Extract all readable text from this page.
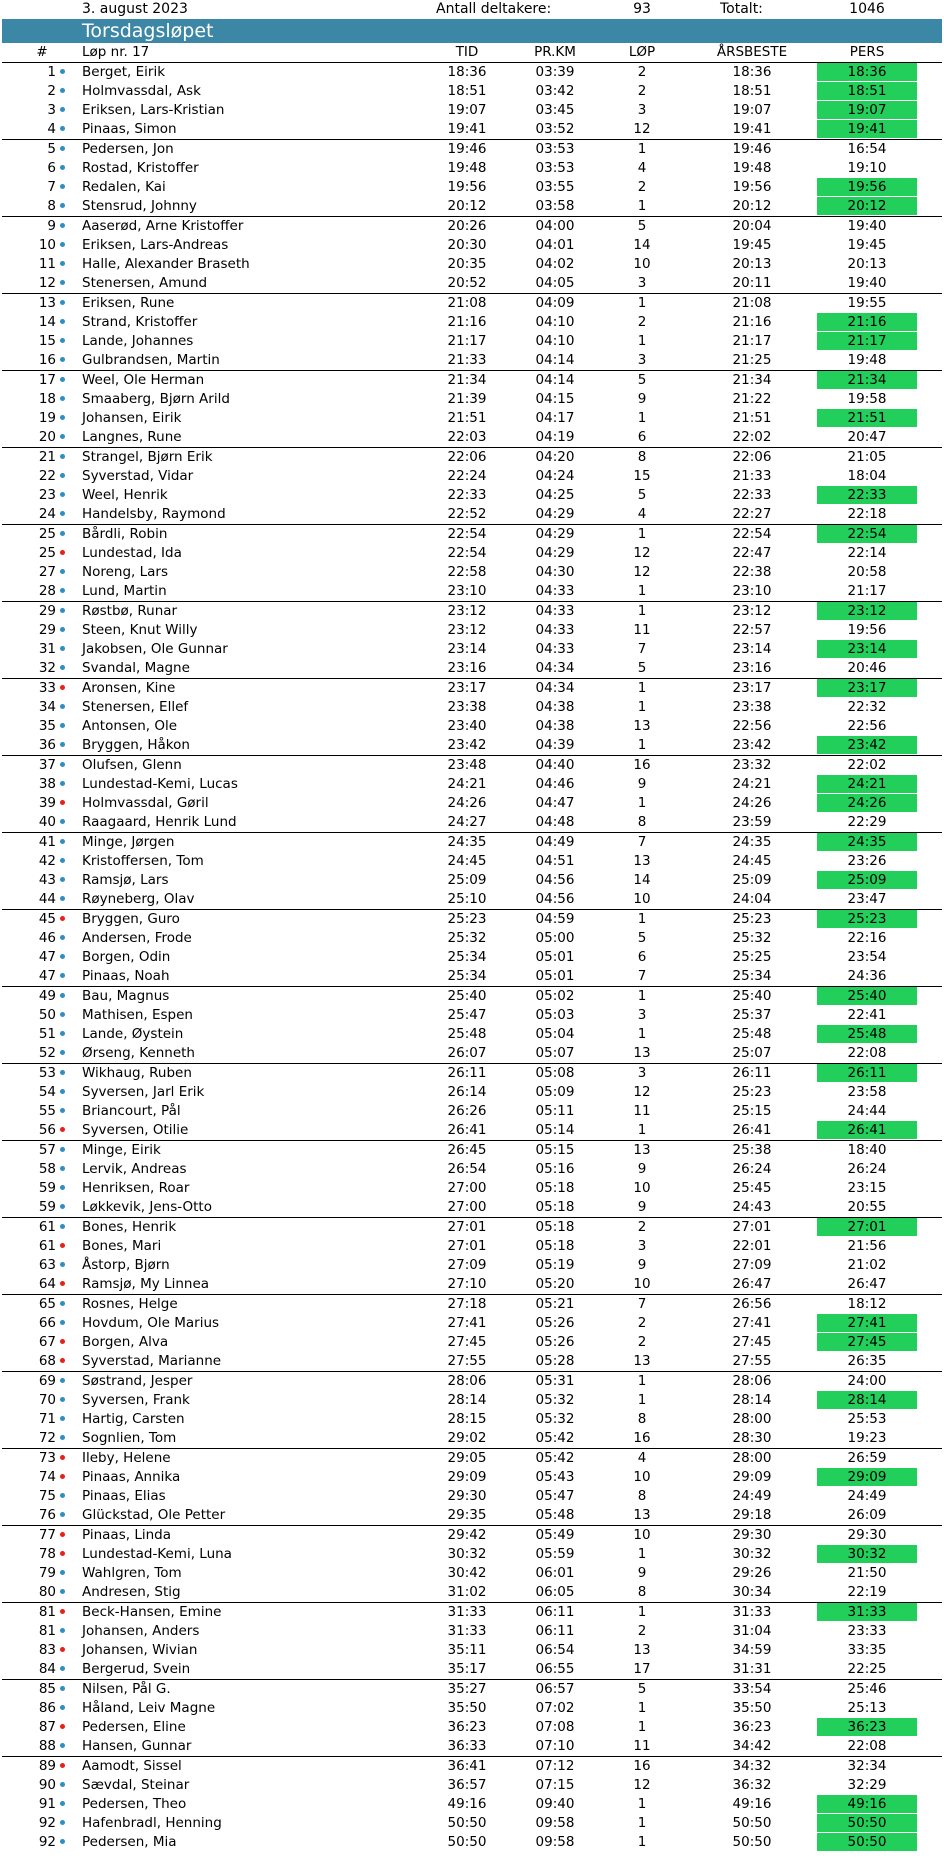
3. august 2023	Antall deltakere:	93	Totalt:	1046
Torsdagsløpet
#	Løp nr. 17	TID	PR.KM	LØP	ÅRSBESTE	PERS
1 Berget, Eirik	18:36	03:39	2	18:36	18:36
2 Holmvassdal, Ask	18:51	03:42	2	18:51	18:51
3 Eriksen, Lars-Kristian	19:07	03:45	3	19:07	19:07
4 Pinaas, Simon	19:41	03:52	12	19:41	19:41
5 Pedersen, Jon	19:46	03:53	1	19:46	16:54
6 Rostad, Kristoffer	19:48	03:53	4	19:48	19:10
7 Redalen, Kai	19:56	03:55	2	19:56	19:56
8 Stensrud, Johnny	20:12	03:58	1	20:12	20:12
9 Aaserød, Arne Kristoffer	20:26	04:00	5	20:04	19:40
10 Eriksen, Lars-Andreas	20:30	04:01	14	19:45	19:45
11 Halle, Alexander Braseth	20:35	04:02	10	20:13	20:13
12 Stenersen, Amund	20:52	04:05	3	20:11	19:40
13 Eriksen, Rune	21:08	04:09	1	21:08	19:55
14 Strand, Kristoffer	21:16	04:10	2	21:16	21:16
15 Lande, Johannes	21:17	04:10	1	21:17	21:17
16 Gulbrandsen, Martin	21:33	04:14	3	21:25	19:48
17 Weel, Ole Herman	21:34	04:14	5	21:34	21:34
18 Smaaberg, Bjørn Arild	21:39	04:15	9	21:22	19:58
19 Johansen, Eirik	21:51	04:17	1	21:51	21:51
20 Langnes, Rune	22:03	04:19	6	22:02	20:47
21 Strangel, Bjørn Erik	22:06	04:20	8	22:06	21:05
22 Syverstad, Vidar	22:24	04:24	15	21:33	18:04
23 Weel, Henrik	22:33	04:25	5	22:33	22:33
24 Handelsby, Raymond	22:52	04:29	4	22:27	22:18
25 Bårdli, Robin	22:54	04:29	1	22:54	22:54
25 Lundestad, Ida	22:54	04:29	12	22:47	22:14
27 Noreng, Lars	22:58	04:30	12	22:38	20:58
28 Lund, Martin	23:10	04:33	1	23:10	21:17
29 Røstbø, Runar	23:12	04:33	1	23:12	23:12
29 Steen, Knut Willy	23:12	04:33	11	22:57	19:56
31 Jakobsen, Ole Gunnar	23:14	04:33	7	23:14	23:14
32 Svandal, Magne	23:16	04:34	5	23:16	20:46
33 Aronsen, Kine	23:17	04:34	1	23:17	23:17
34 Stenersen, Ellef	23:38	04:38	1	23:38	22:32
35 Antonsen, Ole	23:40	04:38	13	22:56	22:56
36 Bryggen, Håkon	23:42	04:39	1	23:42	23:42
37 Olufsen, Glenn	23:48	04:40	16	23:32	22:02
38 Lundestad-Kemi, Lucas	24:21	04:46	9	24:21	24:21
39 Holmvassdal, Gøril	24:26	04:47	1	24:26	24:26
40 Raagaard, Henrik Lund	24:27	04:48	8	23:59	22:29
41 Minge, Jørgen	24:35	04:49	7	24:35	24:35
42 Kristoffersen, Tom	24:45	04:51	13	24:45	23:26
43 Ramsjø, Lars	25:09	04:56	14	25:09	25:09
44 Røyneberg, Olav	25:10	04:56	10	24:04	23:47
45 Bryggen, Guro	25:23	04:59	1	25:23	25:23
46 Andersen, Frode	25:32	05:00	5	25:32	22:16
47 Borgen, Odin	25:34	05:01	6	25:25	23:54
47 Pinaas, Noah	25:34	05:01	7	25:34	24:36
49 Bau, Magnus	25:40	05:02	1	25:40	25:40
50 Mathisen, Espen	25:47	05:03	3	25:37	22:41
51 Lande, Øystein	25:48	05:04	1	25:48	25:48
52 Ørseng, Kenneth	26:07	05:07	13	25:07	22:08
53 Wikhaug, Ruben	26:11	05:08	3	26:11	26:11
54 Syversen, Jarl Erik	26:14	05:09	12	25:23	23:58
55 Briancourt, Pål	26:26	05:11	11	25:15	24:44
56 Syversen, Otilie	26:41	05:14	1	26:41	26:41
57 Minge, Eirik	26:45	05:15	13	25:38	18:40
58 Lervik, Andreas	26:54	05:16	9	26:24	26:24
59 Henriksen, Roar	27:00	05:18	10	25:45	23:15
59 Løkkevik, Jens-Otto	27:00	05:18	9	24:43	20:55
61 Bones, Henrik	27:01	05:18	2	27:01	27:01
61 Bones, Mari	27:01	05:18	3	22:01	21:56
63 Åstorp, Bjørn	27:09	05:19	9	27:09	21:02
64 Ramsjø, My Linnea	27:10	05:20	10	26:47	26:47
65 Rosnes, Helge	27:18	05:21	7	26:56	18:12
66 Hovdum, Ole Marius	27:41	05:26	2	27:41	27:41
67 Borgen, Alva	27:45	05:26	2	27:45	27:45
68 Syverstad, Marianne	27:55	05:28	13	27:55	26:35
69 Søstrand, Jesper	28:06	05:31	1	28:06	24:00
70 Syversen, Frank	28:14	05:32	1	28:14	28:14
71 Hartig, Carsten	28:15	05:32	8	28:00	25:53
72 Sognlien, Tom	29:02	05:42	16	28:30	19:23
73 Ileby, Helene	29:05	05:42	4	28:00	26:59
74 Pinaas, Annika	29:09	05:43	10	29:09	29:09
75 Pinaas, Elias	29:30	05:47	8	24:49	24:49
76 Glückstad, Ole Petter	29:35	05:48	13	29:18	26:09
77 Pinaas, Linda	29:42	05:49	10	29:30	29:30
78 Lundestad-Kemi, Luna	30:32	05:59	1	30:32	30:32
79 Wahlgren, Tom	30:42	06:01	9	29:26	21:50
80 Andresen, Stig	31:02	06:05	8	30:34	22:19
81 Beck-Hansen, Emine	31:33	06:11	1	31:33	31:33
81 Johansen, Anders	31:33	06:11	2	31:04	23:33
83 Johansen, Wivian	35:11	06:54	13	34:59	33:35
84 Bergerud, Svein	35:17	06:55	17	31:31	22:25
85 Nilsen, Pål G.	35:27	06:57	5	33:54	25:46
86 Håland, Leiv Magne	35:50	07:02	1	35:50	25:13
87 Pedersen, Eline	36:23	07:08	1	36:23	36:23
88 Hansen, Gunnar	36:33	07:10	11	34:42	22:08
89 Aamodt, Sissel	36:41	07:12	16	34:32	32:34
90 Sævdal, Steinar	36:57	07:15	12	36:32	32:29
91 Pedersen, Theo	49:16	09:40	1	49:16	49:16
92 Hafenbradl, Henning	50:50	09:58	1	50:50	50:50
92 Pedersen, Mia	50:50	09:58	1	50:50	50:50
